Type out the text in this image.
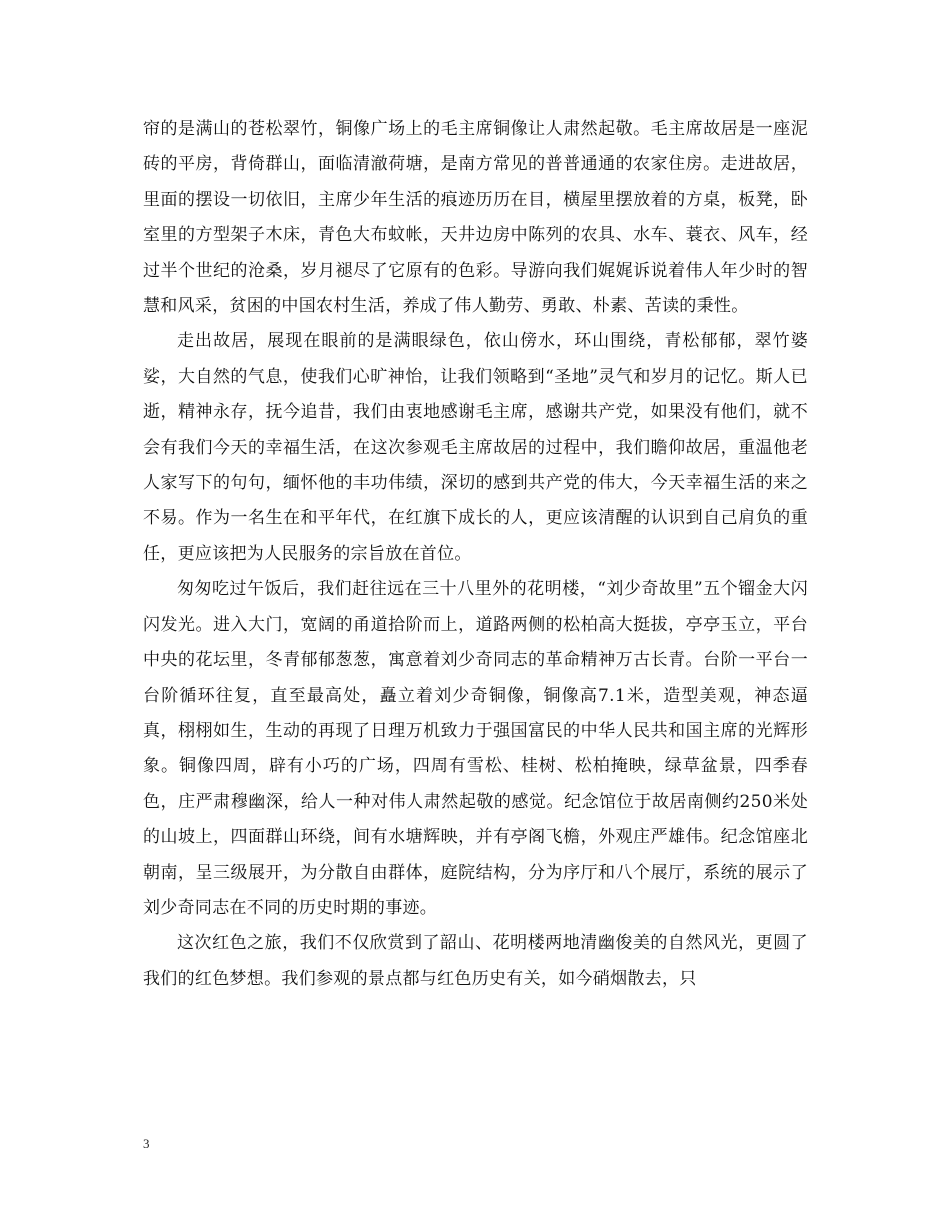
帘的是满山的苍松翠竹，铜像广场上的毛主席铜像让人肃然起敬。毛主席故居是一座泥砖的平房，背倚群山，面临清澈荷塘，是南方常见的普普通通的农家住房。走进故居，里面的摆设一切依旧，主席少年生活的痕迹历历在目，横屋里摆放着的方桌，板凳，卧室里的方型架子木床，青色大布蚊帐，天井边房中陈列的农具、水车、蓑衣、风车，经过半个世纪的沧桑，岁月褪尽了它原有的色彩。导游向我们娓娓诉说着伟人年少时的智慧和风采，贫困的中国农村生活，养成了伟人勤劳、勇敢、朴素、苦读的秉性。

走出故居，展现在眼前的是满眼绿色，依山傍水，环山围绕，青松郁郁，翠竹婆娑，大自然的气息，使我们心旷神怡，让我们领略到“圣地”灵气和岁月的记忆。斯人已逝，精神永存，抚今追昔，我们由衷地感谢毛主席，感谢共产党，如果没有他们，就不会有我们今天的幸福生活，在这次参观毛主席故居的过程中，我们瞻仰故居，重温他老人家写下的句句，缅怀他的丰功伟绩，深切的感到共产党的伟大，今天幸福生活的来之不易。作为一名生在和平年代，在红旗下成长的人，更应该清醒的认识到自己肩负的重任，更应该把为人民服务的宗旨放在首位。

匆匆吃过午饭后，我们赶往远在三十八里外的花明楼，“刘少奇故里”五个镏金大闪闪发光。进入大门，宽阔的甬道拾阶而上，道路两侧的松柏高大挺拔，亭亭玉立，平台中央的花坛里，冬青郁郁葱葱，寓意着刘少奇同志的革命精神万古长青。台阶一平台一台阶循环往复，直至最高处，矗立着刘少奇铜像，铜像高7.1米，造型美观，神态逼真，栩栩如生，生动的再现了日理万机致力于强国富民的中华人民共和国主席的光辉形象。铜像四周，辟有小巧的广场，四周有雪松、桂树、松柏掩映，绿草盆景，四季春色，庄严肃穆幽深，给人一种对伟人肃然起敬的感觉。纪念馆位于故居南侧约250米处的山坡上，四面群山环绕，间有水塘辉映，并有亭阁飞檐，外观庄严雄伟。纪念馆座北朝南，呈三级展开，为分散自由群体，庭院结构，分为序厅和八个展厅，系统的展示了刘少奇同志在不同的历史时期的事迹。

这次红色之旅，我们不仅欣赏到了韶山、花明楼两地清幽俊美的自然风光，更圆了我们的红色梦想。我们参观的景点都与红色历史有关，如今硝烟散去，只

3
